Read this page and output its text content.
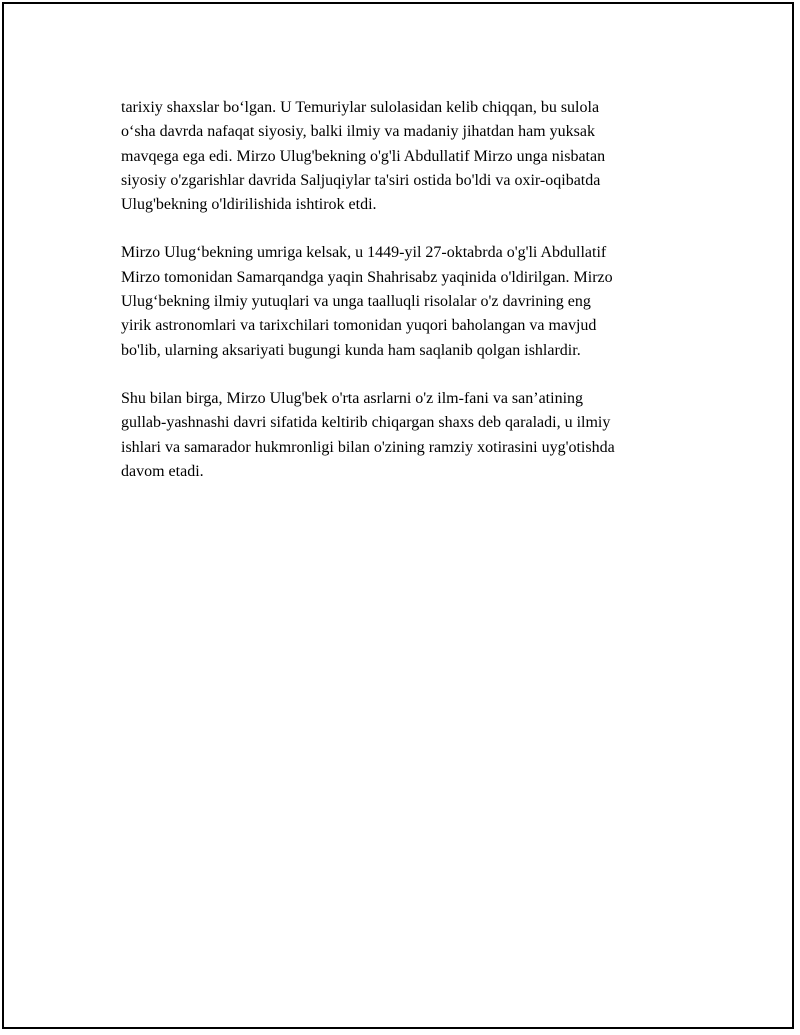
tarixiy shaxslar bo‘lgan. U Temuriylar sulolasidan kelib chiqqan, bu sulola
o‘sha davrda nafaqat siyosiy, balki ilmiy va madaniy jihatdan ham yuksak
mavqega ega edi. Mirzo Ulug'bekning o'g'li Abdullatif Mirzo unga nisbatan
siyosiy o'zgarishlar davrida Saljuqiylar ta'siri ostida bo'ldi va oxir-oqibatda
Ulug'bekning o'ldirilishida ishtirok etdi.

Mirzo Ulug‘bekning umriga kelsak, u 1449-yil 27-oktabrda o'g'li Abdullatif
Mirzo tomonidan Samarqandga yaqin Shahrisabz yaqinida o'ldirilgan. Mirzo
Ulug‘bekning ilmiy yutuqlari va unga taalluqli risolalar o'z davrining eng
yirik astronomlari va tarixchilari tomonidan yuqori baholangan va mavjud
bo'lib, ularning aksariyati bugungi kunda ham saqlanib qolgan ishlardir.

Shu bilan birga, Mirzo Ulug'bek o'rta asrlarni o'z ilm-fani va san’atining
gullab-yashnashi davri sifatida keltirib chiqargan shaxs deb qaraladi, u ilmiy
ishlari va samarador hukmronligi bilan o'zining ramziy xotirasini uyg'otishda
davom etadi.
